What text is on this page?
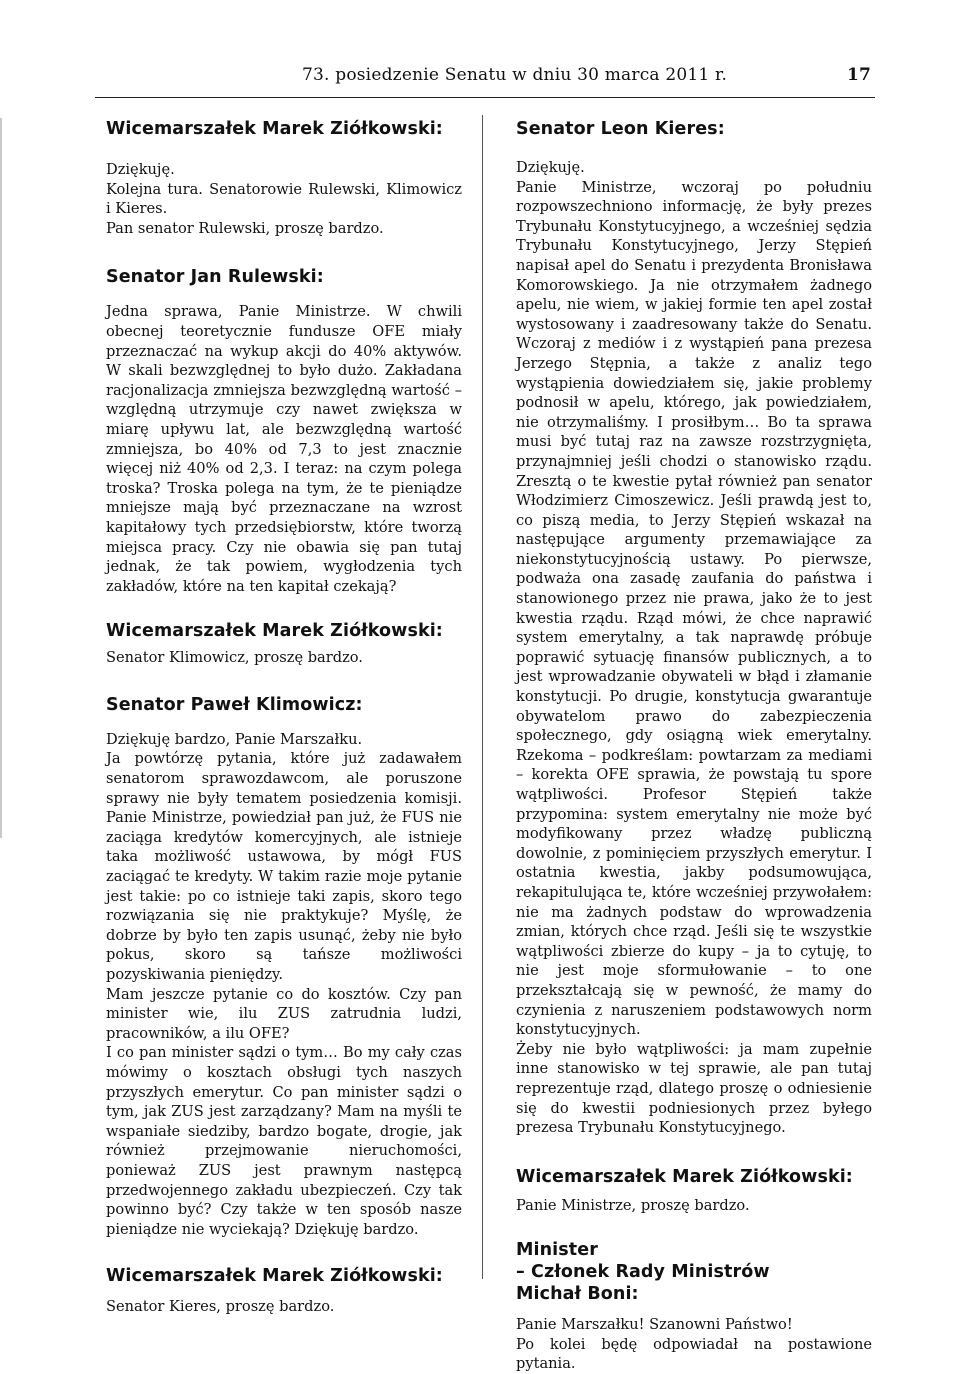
73. posiedzenie Senatu w dniu 30 marca 2011 r.	17

Wicemarszałek Marek Ziółkowski:

Dziękuję.

Kolejna tura. Senatorowie Rulewski, Klimowicz i Kieres.

Pan senator Rulewski, proszę bardzo.

Senator Jan Rulewski:

Jedna sprawa, Panie Ministrze. W chwili obecnej teoretycznie fundusze OFE miały przeznaczać na wykup akcji do 40% aktywów. W skali bezwzględnej to było dużo. Zakładana racjonalizacja zmniejsza bezwzględną wartość – względną utrzymuje czy nawet zwiększa w miarę upływu lat, ale bezwzględną wartość zmniejsza, bo 40% od 7,3 to jest znacznie więcej niż 40% od 2,3. I teraz: na czym polega troska? Troska polega na tym, że te pieniądze mniejsze mają być przeznaczane na wzrost kapitałowy tych przedsiębiorstw, które tworzą miejsca pracy. Czy nie obawia się pan tutaj jednak, że tak powiem, wygłodzenia tych zakładów, które na ten kapitał czekają?

Wicemarszałek Marek Ziółkowski:

Senator Klimowicz, proszę bardzo.

Senator Paweł Klimowicz:

Dziękuję bardzo, Panie Marszałku.

Ja powtórzę pytania, które już zadawałem senatorom sprawozdawcom, ale poruszone sprawy nie były tematem posiedzenia komisji. Panie Ministrze, powiedział pan już, że FUS nie zaciąga kredytów komercyjnych, ale istnieje taka możliwość ustawowa, by mógł FUS zaciągać te kredyty. W takim razie moje pytanie jest takie: po co istnieje taki zapis, skoro tego rozwiązania się nie praktykuje? Myślę, że dobrze by było ten zapis usunąć, żeby nie było pokus, skoro są tańsze możliwości pozyskiwania pieniędzy.

Mam jeszcze pytanie co do kosztów. Czy pan minister wie, ilu ZUS zatrudnia ludzi, pracowników, a ilu OFE?

I co pan minister sądzi o tym… Bo my cały czas mówimy o kosztach obsługi tych naszych przyszłych emerytur. Co pan minister sądzi o tym, jak ZUS jest zarządzany? Mam na myśli te wspaniałe siedziby, bardzo bogate, drogie, jak również przejmowanie nieruchomości, ponieważ ZUS jest prawnym następcą przedwojennego zakładu ubezpieczeń. Czy tak powinno być? Czy także w ten sposób nasze pieniądze nie wyciekają? Dziękuję bardzo.

Wicemarszałek Marek Ziółkowski:

Senator Kieres, proszę bardzo.

Senator Leon Kieres:

Dziękuję.

Panie Ministrze, wczoraj po południu rozpowszechniono informację, że były prezes Trybunału Konstytucyjnego, a wcześniej sędzia Trybunału Konstytucyjnego, Jerzy Stępień napisał apel do Senatu i prezydenta Bronisława Komorowskiego. Ja nie otrzymałem żadnego apelu, nie wiem, w jakiej formie ten apel został wystosowany i zaadresowany także do Senatu. Wczoraj z mediów i z wystąpień pana prezesa Jerzego Stępnia, a także z analiz tego wystąpienia dowiedziałem się, jakie problemy podnosił w apelu, którego, jak powiedziałem, nie otrzymaliśmy. I prosiłbym… Bo ta sprawa musi być tutaj raz na zawsze rozstrzygnięta, przynajmniej jeśli chodzi o stanowisko rządu. Zresztą o te kwestie pytał również pan senator Włodzimierz Cimoszewicz. Jeśli prawdą jest to, co piszą media, to Jerzy Stępień wskazał na następujące argumenty przemawiające za niekonstytucyjnością ustawy. Po pierwsze, podważa ona zasadę zaufania do państwa i stanowionego przez nie prawa, jako że to jest kwestia rządu. Rząd mówi, że chce naprawić system emerytalny, a tak naprawdę próbuje poprawić sytuację finansów publicznych, a to jest wprowadzanie obywateli w błąd i złamanie konstytucji. Po drugie, konstytucja gwarantuje obywatelom prawo do zabezpieczenia społecznego, gdy osiągną wiek emerytalny. Rzekoma – podkreślam: powtarzam za mediami – korekta OFE sprawia, że powstają tu spore wątpliwości. Profesor Stępień także przypomina: system emerytalny nie może być modyfikowany przez władzę publiczną dowolnie, z pominięciem przyszłych emerytur. I ostatnia kwestia, jakby podsumowująca, rekapitulująca te, które wcześniej przywołałem: nie ma żadnych podstaw do wprowadzenia zmian, których chce rząd. Jeśli się te wszystkie wątpliwości zbierze do kupy – ja to cytuję, to nie jest moje sformułowanie – to one przekształcają się w pewność, że mamy do czynienia z naruszeniem podstawowych norm konstytucyjnych.

Żeby nie było wątpliwości: ja mam zupełnie inne stanowisko w tej sprawie, ale pan tutaj reprezentuje rząd, dlatego proszę o odniesienie się do kwestii podniesionych przez byłego prezesa Trybunału Konstytucyjnego.

Wicemarszałek Marek Ziółkowski:

Panie Ministrze, proszę bardzo.

Minister

– Członek Rady Ministrów

Michał Boni:

Panie Marszałku! Szanowni Państwo!

Po kolei będę odpowiadał na postawione pytania.
